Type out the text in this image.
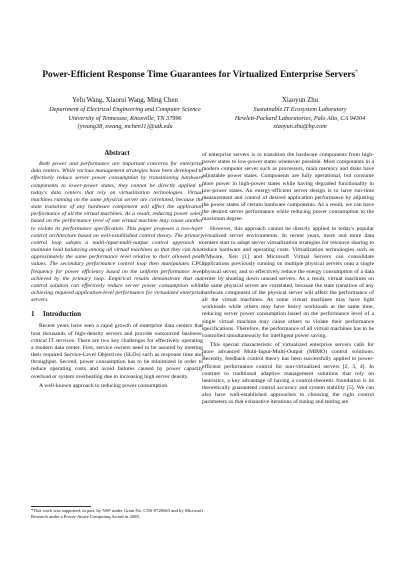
Power-Efficient Response Time Guarantees for Virtualized Enterprise Servers*
Yefu Wang, Xiaorui Wang, Ming Chen
Department of Electrical Engineering and Computer Science
University of Tennessee, Knoxville, TN 37996
{ywang38, xwang, mchen11}@utk.edu
Xiaoyun Zhu
Sustainable IT Ecosystem Laboratory
Hewlett-Packard Laboratories, Palo Alto, CA 94304
xiaoyun.zhu@hp.com
Abstract
Both power and performance are important concerns for enterprise data centers. While various management strategies have been developed to effectively reduce server power consumption by transitioning hardware components to lower-power states, they cannot be directly applied to today's data centers that rely on virtualization technologies. Virtual machines running on the same physical server are correlated, because the state transition of any hardware component will affect the application performance of all the virtual machines. As a result, reducing power solely based on the performance level of one virtual machine may cause another to violate its performance specification. This paper proposes a two-layer control architecture based on well-established control theory. The primary control loop adopts a multi-input-multi-output control approach to maintain load balancing among all virtual machines so that they can have approximately the same performance level relative to their allowed peak values. The secondary performance control loop then manipulates CPU frequency for power efficiency based on the uniform performance level achieved by the primary loop. Empirical results demonstrate that our control solution can effectively reduce server power consumption while achieving required application-level performance for virtualized enterprise servers.
1 Introduction

Recent years have seen a rapid growth of enterprise data centers that host thousands of high-density servers and provide outsourced business-critical IT services. There are two key challenges for effectively operating a modern data center. First, service owners need to be assured by meeting their required Service-Level Objectives (SLOs) such as response time and throughput. Second, power consumption has to be minimized in order to reduce operating costs and avoid failures caused by power capacity overload or system overheating due to increasing high server density.

A well-known approach to reducing power consumption

of enterprise servers is to transition the hardware components from high-power states to low-power states whenever possible. Most components in a modern computer server such as processors, main memory and disks have adjustable power states. Components are fully operational, but consume more power in high-power states while having degraded functionality in low-power states. An energy-efficient server design is to have run-time measurement and control of desired application performance by adjusting the power states of certain hardware components. As a result, we can have the desired server performance while reducing power consumption to the maximum degree.

However, this approach cannot be directly applied to today's popular virtualized server environments. In recent years, more and more data centers start to adopt server virtualization strategies for resource sharing to reduce hardware and operating costs. Virtualization technologies such as VMware, Xen [1] and Microsoft Virtual Servers can consolidate applications previously running on multiple physical servers onto a single physical server, and so effectively reduce the energy consumption of a data center by shutting down unused servers. As a result, virtual machines on the same physical server are correlated, because the state transition of any hardware component of the physical server will affect the performance of all the virtual machines. As some virtual machines may have light workloads while others may have heavy workloads at the same time, reducing server power consumption based on the performance level of a single virtual machine may cause others to violate their performance specifications. Therefore, the performance of all virtual machines has to be controlled simultaneously for intelligent power saving.

This special characteristic of virtualized enterprise servers calls for more advanced Multi-Input-Multi-Output (MIMO) control solutions. Recently, feedback control theory has been successfully applied to power-efficient performance control for non-virtualized servers [2, 3, 4]. In contrast to traditional adaptive management solutions that rely on heuristics, a key advantage of having a control-theoretic foundation is its theoretically guaranteed control accuracy and system stability [5]. We can also have well-established approaches to choosing the right control parameters so that exhaustive iterations of tuning and testing are

*This work was supported, in part, by NSF under Grant No. CNS-0720663 and by Microsoft Research under a Power-Aware Computing Award in 2008.
